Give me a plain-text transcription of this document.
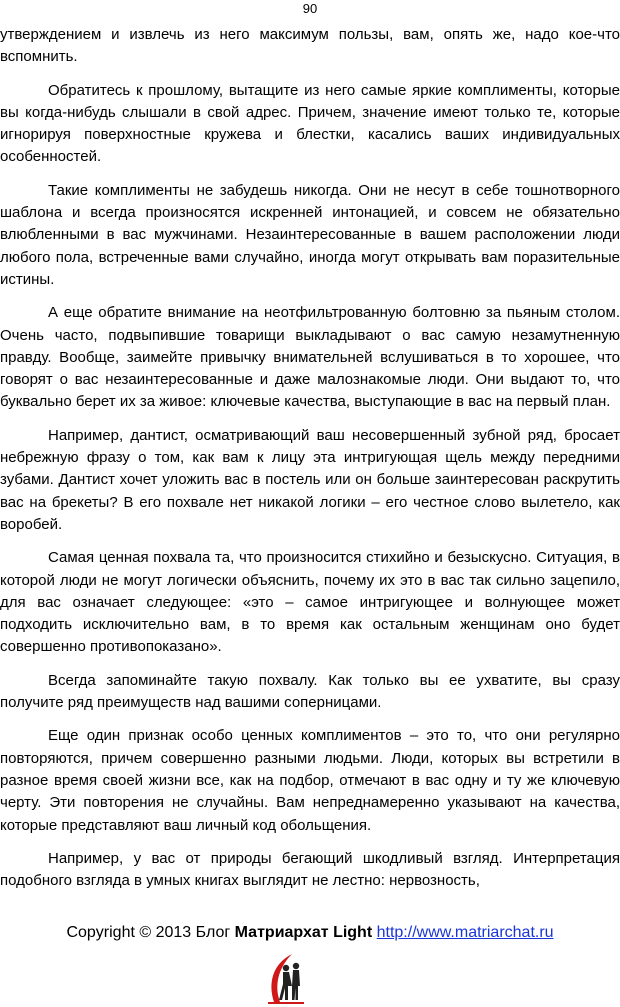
90

утверждением и извлечь из него максимум пользы, вам, опять же, надо кое-что вспомнить.

Обратитесь к прошлому, вытащите из него самые яркие комплименты, которые вы когда-нибудь слышали в свой адрес. Причем, значение имеют только те, которые игнорируя поверхностные кружева и блестки, касались ваших индивидуальных особенностей.

Такие комплименты не забудешь никогда. Они не несут в себе тошнотворного шаблона и всегда произносятся искренней интонацией, и совсем не обязательно влюбленными в вас мужчинами. Незаинтересованные в вашем расположении люди любого пола, встреченные вами случайно, иногда могут открывать вам поразительные истины.

А еще обратите внимание на неотфильтрованную болтовню за пьяным столом. Очень часто, подвыпившие товарищи выкладывают о вас самую незамутненную правду. Вообще, заимейте привычку внимательней вслушиваться в то хорошее, что говорят о вас незаинтересованные и даже малознакомые люди. Они выдают то, что буквально берет их за живое: ключевые качества, выступающие в вас на первый план.

Например, дантист, осматривающий ваш несовершенный зубной ряд, бросает небрежную фразу о том, как вам к лицу эта интригующая щель между передними зубами. Дантист хочет уложить вас в постель или он больше заинтересован раскрутить вас на брекеты? В его похвале нет никакой логики – его честное слово вылетело, как воробей.

Самая ценная похвала та, что произносится стихийно и безыскусно. Ситуация, в которой люди не могут логически объяснить, почему их это в вас так сильно зацепило, для вас означает следующее: «это – самое интригующее и волнующее может подходить исключительно вам, в то время как остальным женщинам оно будет совершенно противопоказано».

Всегда запоминайте такую похвалу. Как только вы ее ухватите, вы сразу получите ряд преимуществ над вашими соперницами.

Еще один признак особо ценных комплиментов – это то, что они регулярно повторяются, причем совершенно разными людьми. Люди, которых вы встретили в разное время своей жизни все, как на подбор, отмечают в вас одну и ту же ключевую черту. Эти повторения не случайны. Вам непреднамеренно указывают на качества, которые представляют ваш личный код обольщения.

Например, у вас от природы бегающий шкодливый взгляд. Интерпретация подобного взгляда в умных книгах выглядит не лестно: нервозность,

Copyright © 2013 Блог Матриархат Light http://www.matriarchat.ru
